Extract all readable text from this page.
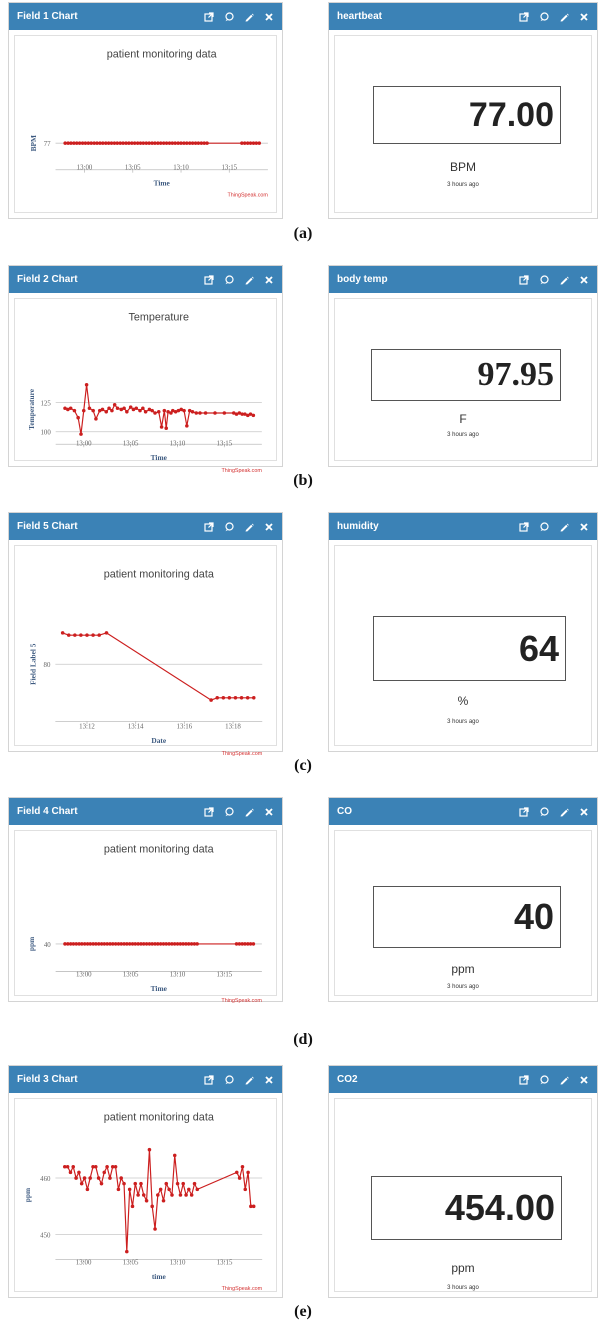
Field 1 Chart
patient monitoring data
77
13:00	13:05	13:10	13:15
Time
BPM
ThingSpeak.com
heartbeat
77.00
BPM
3 hours ago
(a)
Field 2 Chart
Temperature
100
125
13:00	13:05	13:10	13:15
Time
Temperature
ThingSpeak.com
body temp
97.95
F
3 hours ago
(b)
Field 5 Chart
patient monitoring data
80
13:12	13:14	13:16	13:18
Date
Field Label 5
ThingSpeak.com
humidity
64
%
3 hours ago
(c)
Field 4 Chart
patient monitoring data
40
13:00	13:05	13:10	13:15
Time
ppm
ThingSpeak.com
CO
40
ppm
3 hours ago
(d)
Field 3 Chart
patient monitoring data
450
460
13:00	13:05	13:10	13:15
time
ppm
ThingSpeak.com
CO2
454.00
ppm
3 hours ago
(e)
